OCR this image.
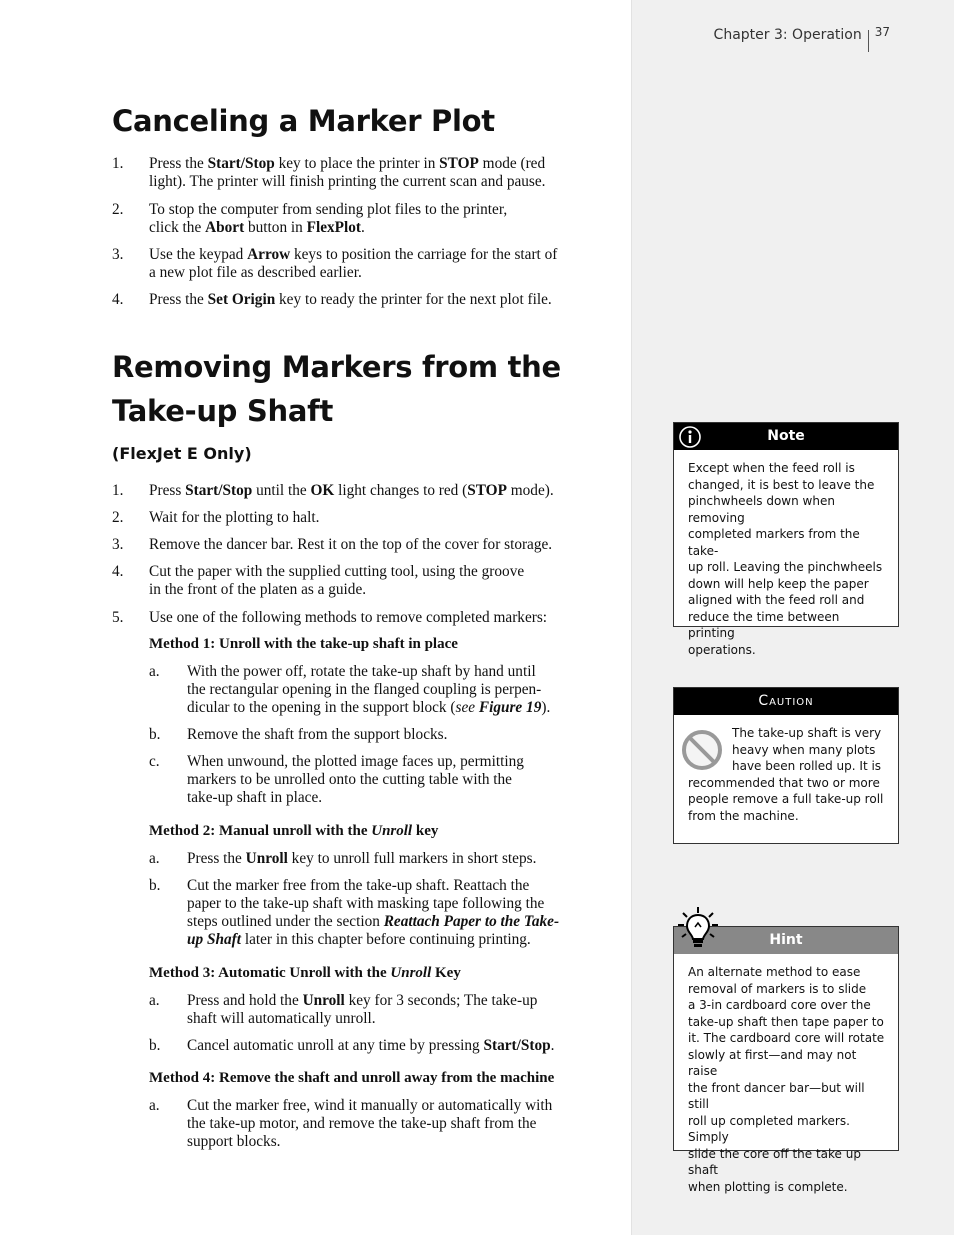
Chapter 3: Operation 37
Canceling a Marker Plot
1. Press the Start/Stop key to place the printer in STOP mode (red
light). The printer will finish printing the current scan and pause.
2. To stop the computer from sending plot files to the printer,
click the Abort button in FlexPlot.
3. Use the keypad Arrow keys to position the carriage for the start of
a new plot file as described earlier.
4. Press the Set Origin key to ready the printer for the next plot file.
Removing Markers from the
Take-up Shaft
(FlexJet E Only)
1. Press Start/Stop until the OK light changes to red (STOP mode).
2. Wait for the plotting to halt.
3. Remove the dancer bar. Rest it on the top of the cover for storage.
4. Cut the paper with the supplied cutting tool, using the groove
in the front of the platen as a guide.
5. Use one of the following methods to remove completed markers:
Method 1: Unroll with the take-up shaft in place
a. With the power off, rotate the take-up shaft by hand until
the rectangular opening in the flanged coupling is perpen-
dicular to the opening in the support block (see Figure 19).
b. Remove the shaft from the support blocks.
c. When unwound, the plotted image faces up, permitting
markers to be unrolled onto the cutting table with the
take-up shaft in place.
Method 2: Manual unroll with the Unroll key
a. Press the Unroll key to unroll full markers in short steps.
b. Cut the marker free from the take-up shaft. Reattach the
paper to the take-up shaft with masking tape following the
steps outlined under the section Reattach Paper to the Take-
up Shaft later in this chapter before continuing printing.
Method 3: Automatic Unroll with the Unroll Key
a. Press and hold the Unroll key for 3 seconds; The take-up
shaft will automatically unroll.
b. Cancel automatic unroll at any time by pressing Start/Stop.
Method 4: Remove the shaft and unroll away from the machine
a. Cut the marker free, wind it manually or automatically with
the take-up motor, and remove the take-up shaft from the
support blocks.
Note
Except when the feed roll is
changed, it is best to leave the
pinchwheels down when removing
completed markers from the take-
up roll. Leaving the pinchwheels
down will help keep the paper
aligned with the feed roll and
reduce the time between printing
operations.
Caution
The take-up shaft is very
heavy when many plots
have been rolled up. It is
recommended that two or more
people remove a full take-up roll
from the machine.
Hint
An alternate method to ease
removal of markers is to slide
a 3-in cardboard core over the
take-up shaft then tape paper to
it. The cardboard core will rotate
slowly at first—and may not raise
the front dancer bar—but will still
roll up completed markers. Simply
slide the core off the take up shaft
when plotting is complete.
